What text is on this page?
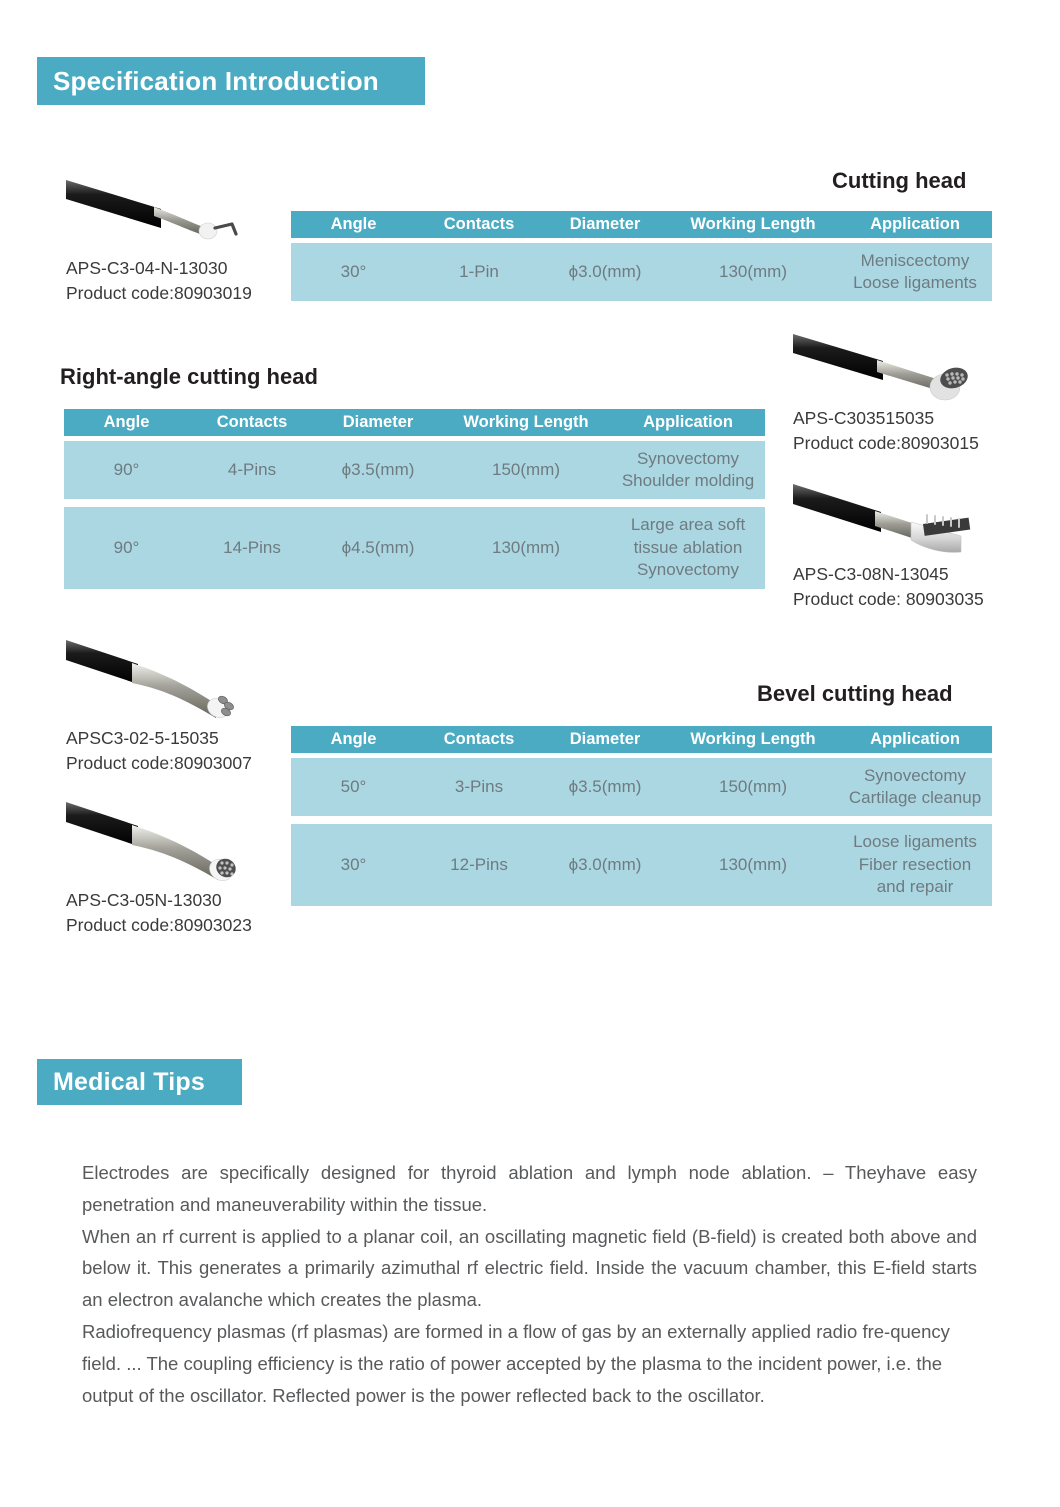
Specification Introduction
APS-C3-04-N-13030
Product code:80903019
Cutting head
Angle	Contacts	Diameter	Working Length	Application
30°	1-Pin	ϕ3.0(mm)	130(mm)	Meniscectomy
Loose ligaments
Right-angle cutting head
Angle	Contacts	Diameter	Working Length	Application
90°	4-Pins	ϕ3.5(mm)	150(mm)	Synovectomy
Shoulder molding
90°	14-Pins	ϕ4.5(mm)	130(mm)	Large area soft
tissue ablation
Synovectomy
APS-C303515035
Product code:80903015
APS-C3-08N-13045
Product code: 80903035
APSC3-02-5-15035
Product code:80903007
Bevel cutting head
Angle	Contacts	Diameter	Working Length	Application
50°	3-Pins	ϕ3.5(mm)	150(mm)	Synovectomy
Cartilage cleanup
30°	12-Pins	ϕ3.0(mm)	130(mm)	Loose ligaments
Fiber resection
and repair
APS-C3-05N-13030
Product code:80903023
Medical Tips

Electrodes are specifically designed for thyroid ablation and lymph node ablation. – Theyhave easy penetration and maneuverability within the tissue.

When an rf current is applied to a planar coil, an oscillating magnetic field (B-field) is created both above and below it. This generates a primarily azimuthal rf electric field. Inside the vacuum chamber, this E-field starts an electron avalanche which creates the plasma.

Radiofrequency plasmas (rf plasmas) are formed in a flow of gas by an externally applied radio fre-quency field. ... The coupling efficiency is the ratio of power accepted by the plasma to the incident power, i.e. the output of the oscillator. Reflected power is the power reflected back to the oscillator.
